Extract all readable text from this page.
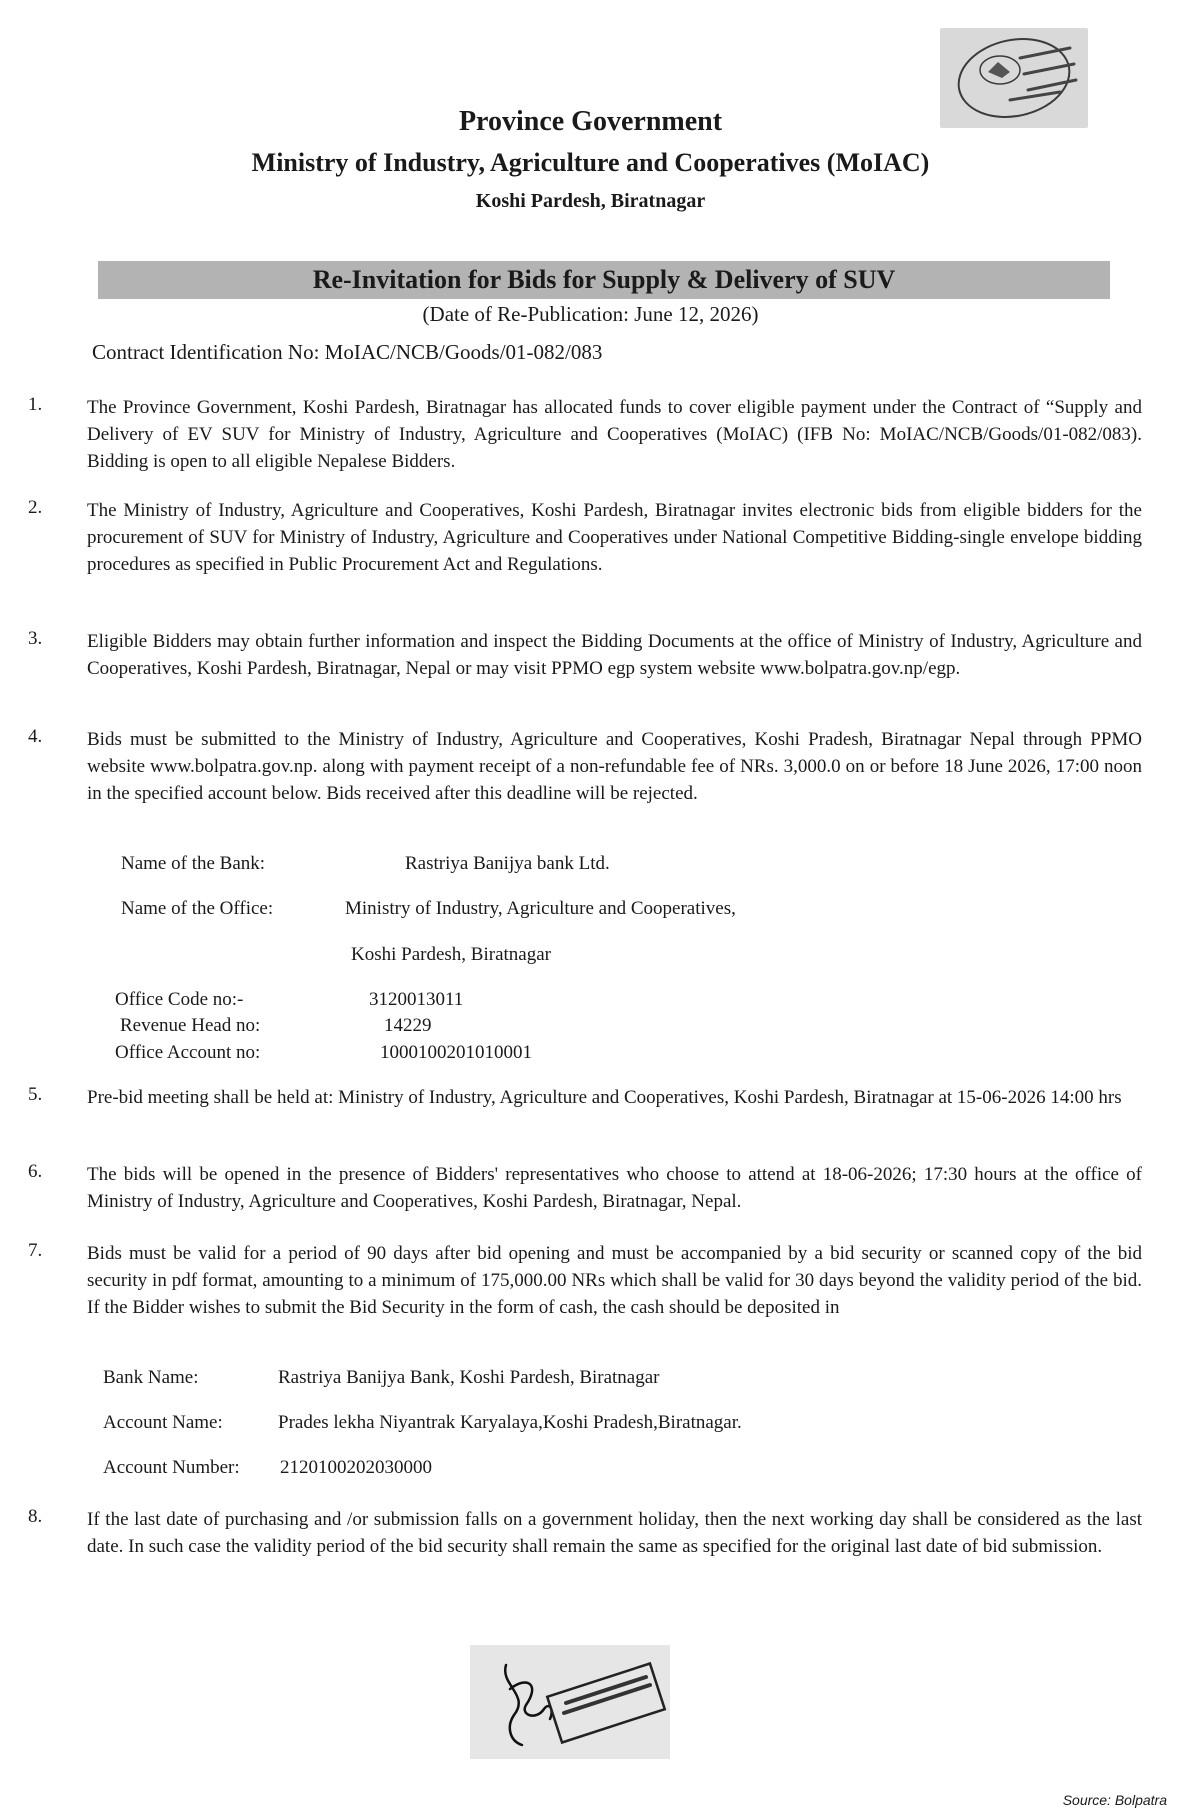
Province Government
Ministry of Industry, Agriculture and Cooperatives (MoIAC)
Koshi Pardesh, Biratnagar
Re-Invitation for Bids for Supply & Delivery of SUV
(Date of Re-Publication: June 12, 2026)
Contract Identification No: MoIAC/NCB/Goods/01-082/083
1. The Province Government, Koshi Pardesh, Biratnagar has allocated funds to cover eligible payment under the Contract of “Supply and Delivery of EV SUV for Ministry of Industry, Agriculture and Cooperatives (MoIAC) (IFB No: MoIAC/NCB/Goods/01-082/083). Bidding is open to all eligible Nepalese Bidders.
2. The Ministry of Industry, Agriculture and Cooperatives, Koshi Pardesh, Biratnagar invites electronic bids from eligible bidders for the procurement of SUV for Ministry of Industry, Agriculture and Cooperatives under National Competitive Bidding-single envelope bidding procedures as specified in Public Procurement Act and Regulations.
3. Eligible Bidders may obtain further information and inspect the Bidding Documents at the office of Ministry of Industry, Agriculture and Cooperatives, Koshi Pardesh, Biratnagar, Nepal or may visit PPMO egp system website www.bolpatra.gov.np/egp.
4. Bids must be submitted to the Ministry of Industry, Agriculture and Cooperatives, Koshi Pradesh, Biratnagar Nepal through PPMO website www.bolpatra.gov.np. along with payment receipt of a non-refundable fee of NRs. 3,000.0 on or before 18 June 2026, 17:00 noon in the specified account below. Bids received after this deadline will be rejected.
Name of the Bank:	Rastriya Banijya bank Ltd.
Name of the Office:	Ministry of Industry, Agriculture and Cooperatives,
Koshi Pardesh, Biratnagar
Office Code no:-	3120013011
Revenue Head no:	14229
Office Account no:	1000100201010001
5. Pre-bid meeting shall be held at: Ministry of Industry, Agriculture and Cooperatives, Koshi Pardesh, Biratnagar at 15-06-2026 14:00 hrs
6. The bids will be opened in the presence of Bidders' representatives who choose to attend at 18-06-2026; 17:30 hours at the office of Ministry of Industry, Agriculture and Cooperatives, Koshi Pardesh, Biratnagar, Nepal.
7. Bids must be valid for a period of 90 days after bid opening and must be accompanied by a bid security or scanned copy of the bid security in pdf format, amounting to a minimum of 175,000.00 NRs which shall be valid for 30 days beyond the validity period of the bid. If the Bidder wishes to submit the Bid Security in the form of cash, the cash should be deposited in
Bank Name:	Rastriya Banijya Bank, Koshi Pardesh, Biratnagar
Account Name:	Prades lekha Niyantrak Karyalaya,Koshi Pradesh,Biratnagar.
Account Number: 2120100202030000
8. If the last date of purchasing and /or submission falls on a government holiday, then the next working day shall be considered as the last date. In such case the validity period of the bid security shall remain the same as specified for the original last date of bid submission.
Source: Bolpatra
